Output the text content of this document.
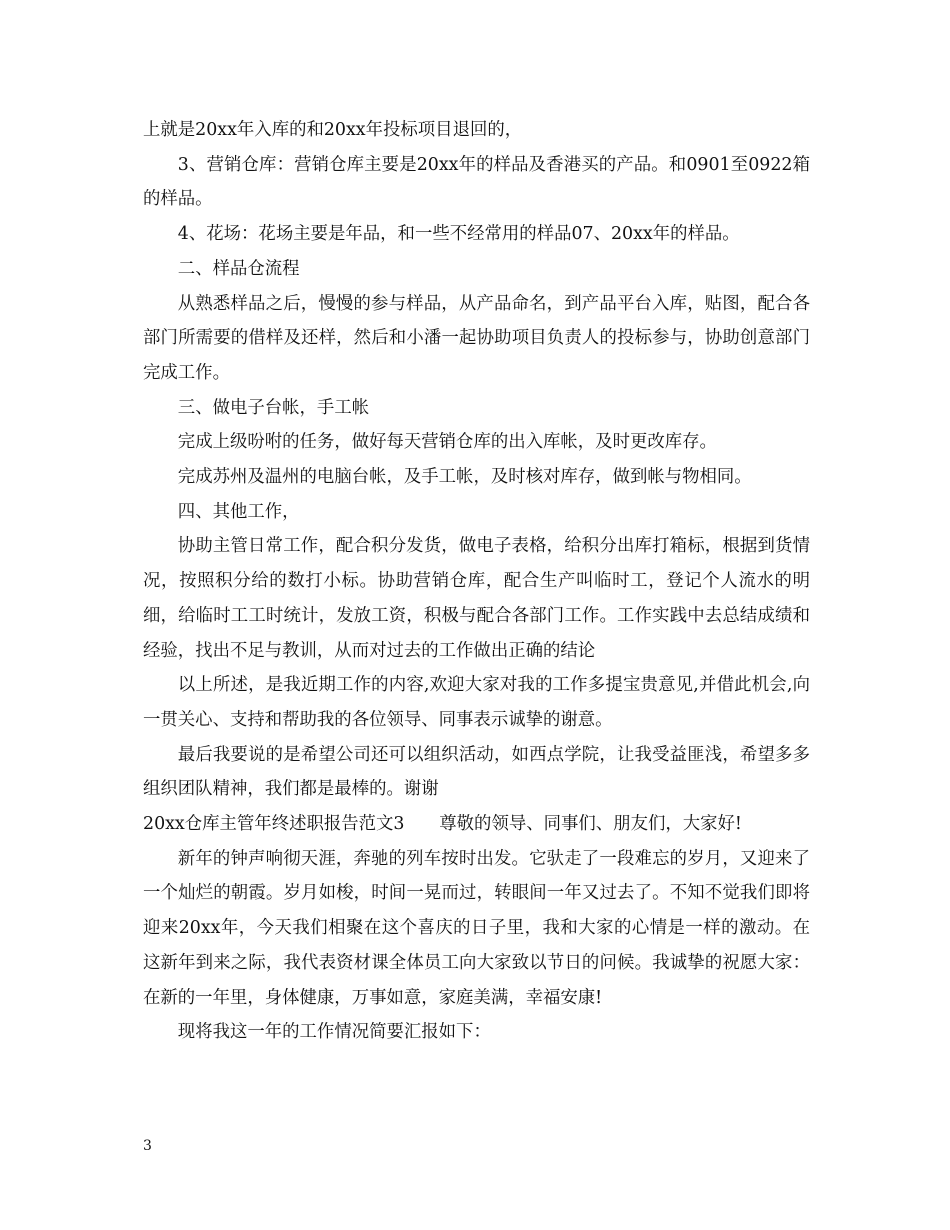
上就是20xx年入库的和20xx年投标项目退回的，

3、营销仓库：营销仓库主要是20xx年的样品及香港买的产品。和0901至0922箱的样品。

4、花场：花场主要是年品，和一些不经常用的样品07、20xx年的样品。

二、样品仓流程

从熟悉样品之后，慢慢的参与样品，从产品命名，到产品平台入库，贴图，配合各部门所需要的借样及还样，然后和小潘一起协助项目负责人的投标参与，协助创意部门完成工作。

三、做电子台帐，手工帐

完成上级吩咐的任务，做好每天营销仓库的出入库帐，及时更改库存。

完成苏州及温州的电脑台帐，及手工帐，及时核对库存，做到帐与物相同。

四、其他工作，

协助主管日常工作，配合积分发货，做电子表格，给积分出库打箱标，根据到货情况，按照积分给的数打小标。协助营销仓库，配合生产叫临时工，登记个人流水的明细，给临时工工时统计，发放工资，积极与配合各部门工作。工作实践中去总结成绩和经验，找出不足与教训，从而对过去的工作做出正确的结论

以上所述，是我近期工作的内容,欢迎大家对我的工作多提宝贵意见,并借此机会,向一贯关心、支持和帮助我的各位领导、同事表示诚挚的谢意。

最后我要说的是希望公司还可以组织活动，如西点学院，让我受益匪浅，希望多多组织团队精神，我们都是最棒的。谢谢

20xx仓库主管年终述职报告范文3　　尊敬的领导、同事们、朋友们，大家好!

新年的钟声响彻天涯，奔驰的列车按时出发。它驮走了一段难忘的岁月，又迎来了一个灿烂的朝霞。岁月如梭，时间一晃而过，转眼间一年又过去了。不知不觉我们即将迎来20xx年，今天我们相聚在这个喜庆的日子里，我和大家的心情是一样的激动。在这新年到来之际，我代表资材课全体员工向大家致以节日的问候。我诚挚的祝愿大家：在新的一年里，身体健康，万事如意，家庭美满，幸福安康!

现将我这一年的工作情况简要汇报如下：

3
